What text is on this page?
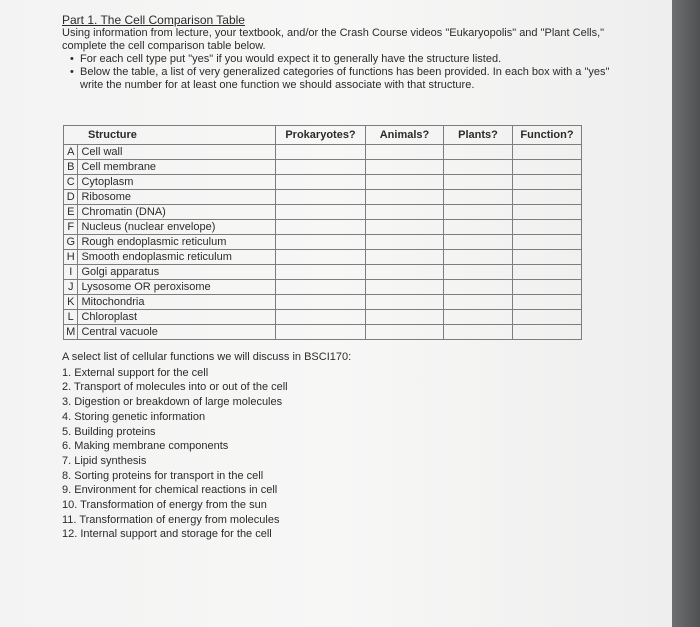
Part 1. The Cell Comparison Table
Using information from lecture, your textbook, and/or the Crash Course videos "Eukaryopolis" and "Plant Cells," complete the cell comparison table below.
• For each cell type put "yes" if you would expect it to generally have the structure listed.
• Below the table, a list of very generalized categories of functions has been provided. In each box with a "yes" write the number for at least one function we should associate with that structure.
Structure		Prokaryotes?	Animals?	Plants?	Function?
A	Cell wall				
B	Cell membrane				
C	Cytoplasm				
D	Ribosome				
E	Chromatin (DNA)				
F	Nucleus (nuclear envelope)				
G	Rough endoplasmic reticulum				
H	Smooth endoplasmic reticulum				
I	Golgi apparatus				
J	Lysosome OR peroxisome				
K	Mitochondria				
L	Chloroplast				
M	Central vacuole				
A select list of cellular functions we will discuss in BSCI170:
1. External support for the cell
2. Transport of molecules into or out of the cell
3. Digestion or breakdown of large molecules
4. Storing genetic information
5. Building proteins
6. Making membrane components
7. Lipid synthesis
8. Sorting proteins for transport in the cell
9. Environment for chemical reactions in cell
10. Transformation of energy from the sun
11. Transformation of energy from molecules
12. Internal support and storage for the cell
